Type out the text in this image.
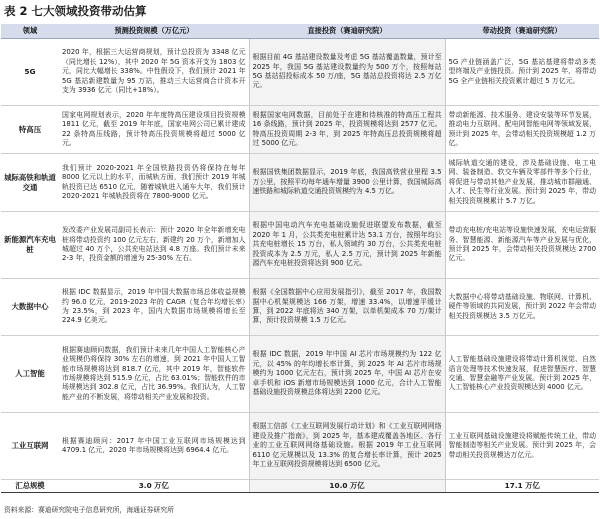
表 2 七大领域投资带动估算
领域	预测投资规模（万亿元）	直接投资（赛迪研究院）	带动投资（赛迪研究院）
5G	2020 年，根据三大运营商规划，预计总投资为 3348 亿元（同比增长 12%），其中 2020 年 5G 资本开支为 1803 亿元，同比大幅增长 338%。中性假设下，我们预计 2021 年 5G 基站新建数量为 95 万站，推动三大运营商合计资本开支为 3936 亿元（同比+18%）。	根据目前 4G 基站建设数量及考虑 5G 基站覆盖数量，预计至 2025 年，我国 5G 基站建设数量约为 500 万个，按照每站 5G 基站招投标成本 50 万/座，5G 基站总投资将达 2.5 万亿元。	5G 产业链涵盖广泛，5G 基站基建将带动多类型终端及产业链投资。预计到 2025 年，将带动 5G 全产业链相关投资累计超过 5 万亿元。

特高压	国家电网规划表示，2020 年年度特高压建设项目投资规模 1811 亿元，截至 2019 年年底，国家电网公司已累计建成 22 条特高压线路，预计特高压投资规模将超过 5000 亿元。	根据国家电网数据，目前处于在建和待核准的特高压工程共 16 条线路，预计到 2025 年，投资规模将达到 2577 亿元。特高压投资周期 2-3 年，到 2025 年特高压总投资规模将超过 5000 亿元。	带动新能源、技术服务、建设安装等环节发展，推动电力互联网、配电网智能电网等领域发展，预计到 2025 年，会带动相关投资规模超 1.2 万亿。

城际高铁和轨道交通	我们预计 2020-2021 年全国铁路投资仍将保持在每年 8000 亿元以上的水平，而城轨方面，我们预计 2019 年城轨投资已达 6510 亿元，随着城轨进入通车大年，我们预计 2020-2021 年城轨投资将在 7800-9000 亿元。	根据国铁集团数据显示，2019 年底，我国高铁营业里程 3.5 万公里，按照平均每年通车增量 3900 公里计算，我国城际高速铁路和城际轨道交通投资规模约为 4.5 万亿。	城际轨道交通的建设，涉及基础设施、电工电网、装备制造、软交车辆及零部件等多个行业，将促进与带动其他产业发展，推动城市群融通、人才、民生等行业发展。预计到 2025 年，带动相关投资规模累计 5.7 万亿。

新能源汽车充电桩	发改委产业发展司副司长表示：预计 2020 年全年新增充电桩将带动投资约 100 亿元左右，新建约 20 万个，新增加人城超过 40 万个，公共充电站达到 4.8 万座。我们预计未来 2-3 年，投资金额的增速为 25-30% 左右。	根据中国电动汽车充电基础设施促进联盟发布数据，截至 2020 年 1 月，公共类充电桩累计达 53.1 万台，按照年均公共充电桩增长 15 万台，私人领域约 30 万台，公共类充电桩投资成本为 2.5 万元，私人 2.5 万元，预计到 2025 年新能源汽车充电桩投资将达到 900 亿元。	带动充电桩/充电站等设施快速发展，充电运营服务、智慧能源、新能源汽车等产业发展与优化，预计到 2025 年，会带动相关投资规模达 2700 亿元。

大数据中心	根据 IDC 数据显示，2019 年中国大数据市场总体收益规模约 96.0 亿元，2019-2023 年的 CAGR（复合年均增长率）为 23.5%，到 2023 年，国内大数据市场规模将增长至 224.9 亿美元。	根据《全国数据中心应用发展指引》，截至 2017 年，我国数据中心机架规模达 166 万架，增速 33.4%，以增速平缓计算，到 2022 年底将达 340 万架，以单机架成本 70 万/架计算，预计投资规模 1.5 万亿元。	大数据中心将带动基础设施、物联网、计算机、硬件等领域的共同发展，预计到 2022 年会带动相关投资规模达 3.5 万亿元。

人工智能	根据赛迪顾问数据，我们预计未来几年中国人工智能核心产业规模仍将保持 30% 左右的增速，到 2021 年中国人工智能市场规模将达到 818.7 亿元，其中 2019 年，智能软件市场规模将达到 515.9 亿元，占比 63.01%；智能软件的市场规模达到 302.8 亿元，占比 36.99%。我们认为，人工智能产业的不断发展，将带动相关产业发展和投资。	根据 IDC 数据，2019 年中国 AI 芯片市场规模约为 122 亿元，以 45% 的年均增长率计算，到 2025 年 AI 芯片市场规模约为 1000 亿元左右，预计到 2025 年，中国 AI 芯片在安卓手机和 iOS 新增市场规模达到 1000 亿元，合计人工智能基础设施投资规模总体将达到 2200 亿元。	人工智能基础设施建设将带动计算机视觉、自然语言处理等技术快速发展，促进智慧医疗、智慧交通、智慧金融等产业发展。预计到 2025 年，人工智能核心产业投资规模达到 4000 亿元。

工业互联网	根据赛迪顾问：2017 年中国工业互联网市场规模达到 4709.1 亿元，2020 年市场规模将达到 6964.4 亿元。	根据工信部《工业互联网发展行动计划》和《工业互联网网络建设及推广指南》，到 2025 年，基本建成覆盖各地区、各行业的工业互联网网络基础设施。根据 2019 年工业互联网 6110 亿元规模以及 13.3% 的复合增长率计算，预计 2025 年工业互联网投资规模将达到 6500 亿元。	工业互联网基础设施建设将赋能传统工业，带动智能制造等相关产业发展。预计到 2025 年，会带动相关投资规模达万亿元。

汇总规模	3.0 万亿	10.0 万亿	17.1 万亿
资料来源：赛迪研究院电子信息研究所，海通证券研究所
